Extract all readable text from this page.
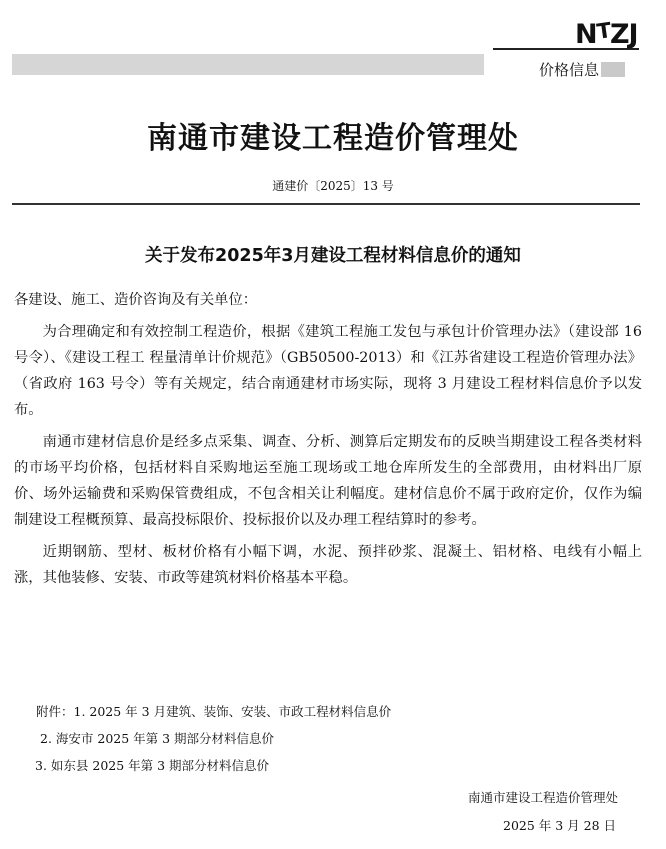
NTZJ
价格信息
南通市建设工程造价管理处
通建价〔2025〕13 号
关于发布2025年3月建设工程材料信息价的通知

各建设、施工、造价咨询及有关单位：

为合理确定和有效控制工程造价，根据《建筑工程施工发包与承包计价管理办法》（建设部 16 号令）、《建设工程工 程量清单计价规范》（GB50500-2013）和《江苏省建设工程造价管理办法》（省政府 163 号令）等有关规定，结合南通建材市场实际，现将 3 月建设工程材料信息价予以发布。

南通市建材信息价是经多点采集、调查、分析、测算后定期发布的反映当期建设工程各类材料的市场平均价格，包括材料自采购地运至施工现场或工地仓库所发生的全部费用，由材料出厂原价、场外运输费和采购保管费组成，不包含相关让利幅度。建材信息价不属于政府定价，仅作为编制建设工程概预算、最高投标限价、投标报价以及办理工程结算时的参考。

近期钢筋、型材、板材价格有小幅下调，水泥、预拌砂浆、混凝土、铝材格、电线有小幅上涨，其他装修、安装、市政等建筑材料价格基本平稳。

附件：1. 2025 年 3 月建筑、装饰、安装、市政工程材料信息价
2. 海安市 2025 年第 3 期部分材料信息价
3. 如东县 2025 年第 3 期部分材料信息价
南通市建设工程造价管理处
2025 年 3 月 28 日
